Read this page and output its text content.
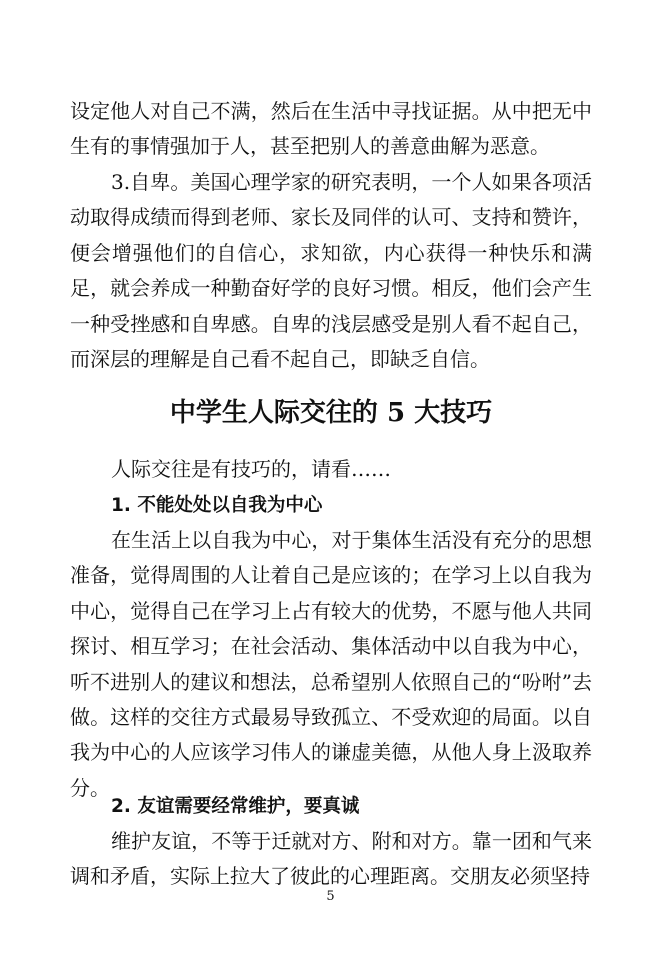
设定他人对自己不满，然后在生活中寻找证据。从中把无中生有的事情强加于人，甚至把别人的善意曲解为恶意。

3.自卑。美国心理学家的研究表明，一个人如果各项活动取得成绩而得到老师、家长及同伴的认可、支持和赞许，便会增强他们的自信心，求知欲，内心获得一种快乐和满足，就会养成一种勤奋好学的良好习惯。相反，他们会产生一种受挫感和自卑感。自卑的浅层感受是别人看不起自己，而深层的理解是自己看不起自己，即缺乏自信。

中学生人际交往的 5 大技巧

人际交往是有技巧的，请看……

1. 不能处处以自我为中心

在生活上以自我为中心，对于集体生活没有充分的思想准备，觉得周围的人让着自己是应该的；在学习上以自我为中心，觉得自己在学习上占有较大的优势，不愿与他人共同探讨、相互学习；在社会活动、集体活动中以自我为中心，听不进别人的建议和想法，总希望别人依照自己的“吩咐”去做。这样的交往方式最易导致孤立、不受欢迎的局面。以自我为中心的人应该学习伟人的谦虚美德，从他人身上汲取养分。

2. 友谊需要经常维护，要真诚

维护友谊，不等于迁就对方、附和对方。靠一团和气来调和矛盾，实际上拉大了彼此的心理距离。交朋友必须坚持

5
